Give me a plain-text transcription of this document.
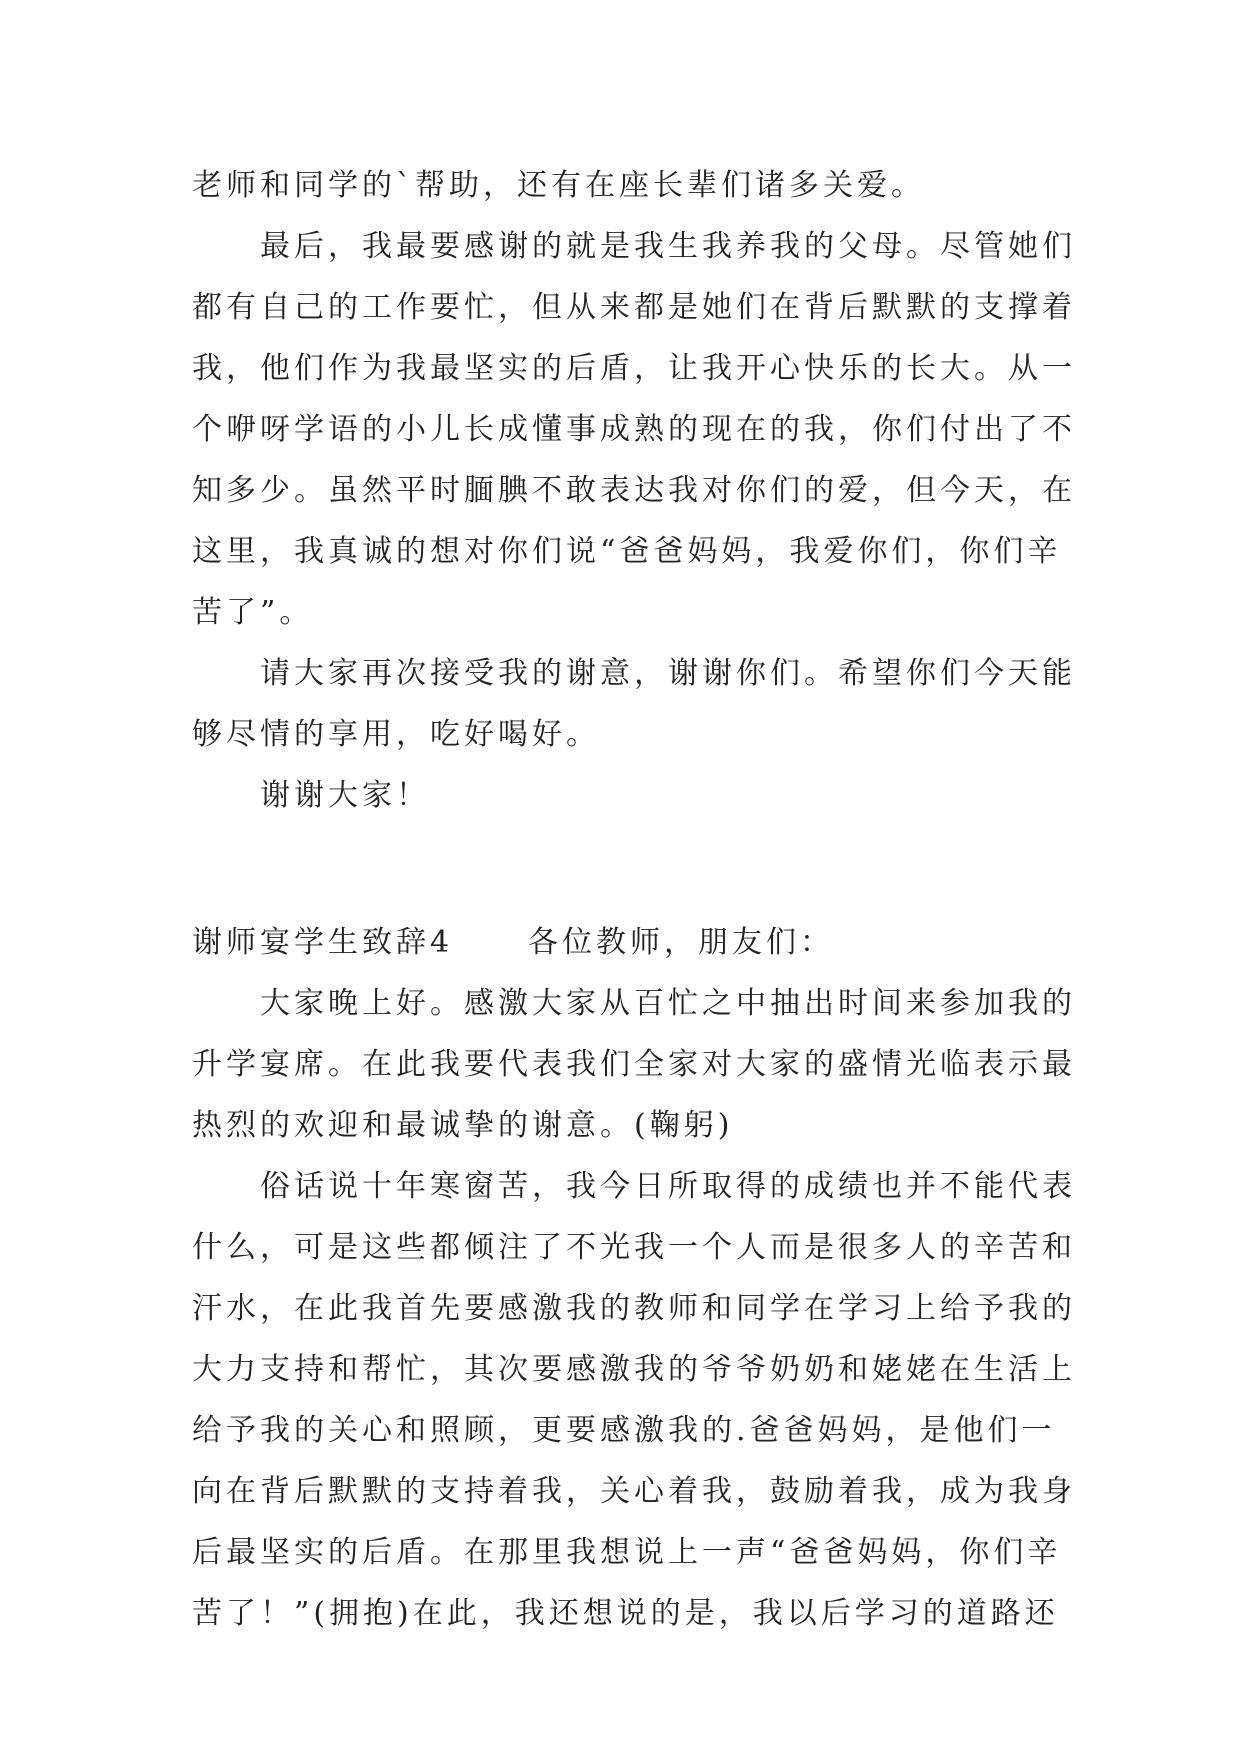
老师和同学的`帮助，还有在座长辈们诸多关爱。
　　最后，我最要感谢的就是我生我养我的父母。尽管她们
都有自己的工作要忙，但从来都是她们在背后默默的支撑着
我，他们作为我最坚实的后盾，让我开心快乐的长大。从一
个咿呀学语的小儿长成懂事成熟的现在的我，你们付出了不
知多少。虽然平时腼腆不敢表达我对你们的爱，但今天，在
这里，我真诚的想对你们说“爸爸妈妈，我爱你们，你们辛
苦了”。
　　请大家再次接受我的谢意，谢谢你们。希望你们今天能
够尽情的享用，吃好喝好。
　　谢谢大家！
谢师宴学生致辞4 各位教师，朋友们：
　　大家晚上好。感激大家从百忙之中抽出时间来参加我的
升学宴席。在此我要代表我们全家对大家的盛情光临表示最
热烈的欢迎和最诚挚的谢意。(鞠躬)
　　俗话说十年寒窗苦，我今日所取得的成绩也并不能代表
什么，可是这些都倾注了不光我一个人而是很多人的辛苦和
汗水，在此我首先要感激我的教师和同学在学习上给予我的
大力支持和帮忙，其次要感激我的爷爷奶奶和姥姥在生活上
给予我的关心和照顾，更要感激我的.爸爸妈妈，是他们一
向在背后默默的支持着我，关心着我，鼓励着我，成为我身
后最坚实的后盾。在那里我想说上一声“爸爸妈妈，你们辛
苦了！”(拥抱)在此，我还想说的是，我以后学习的道路还
